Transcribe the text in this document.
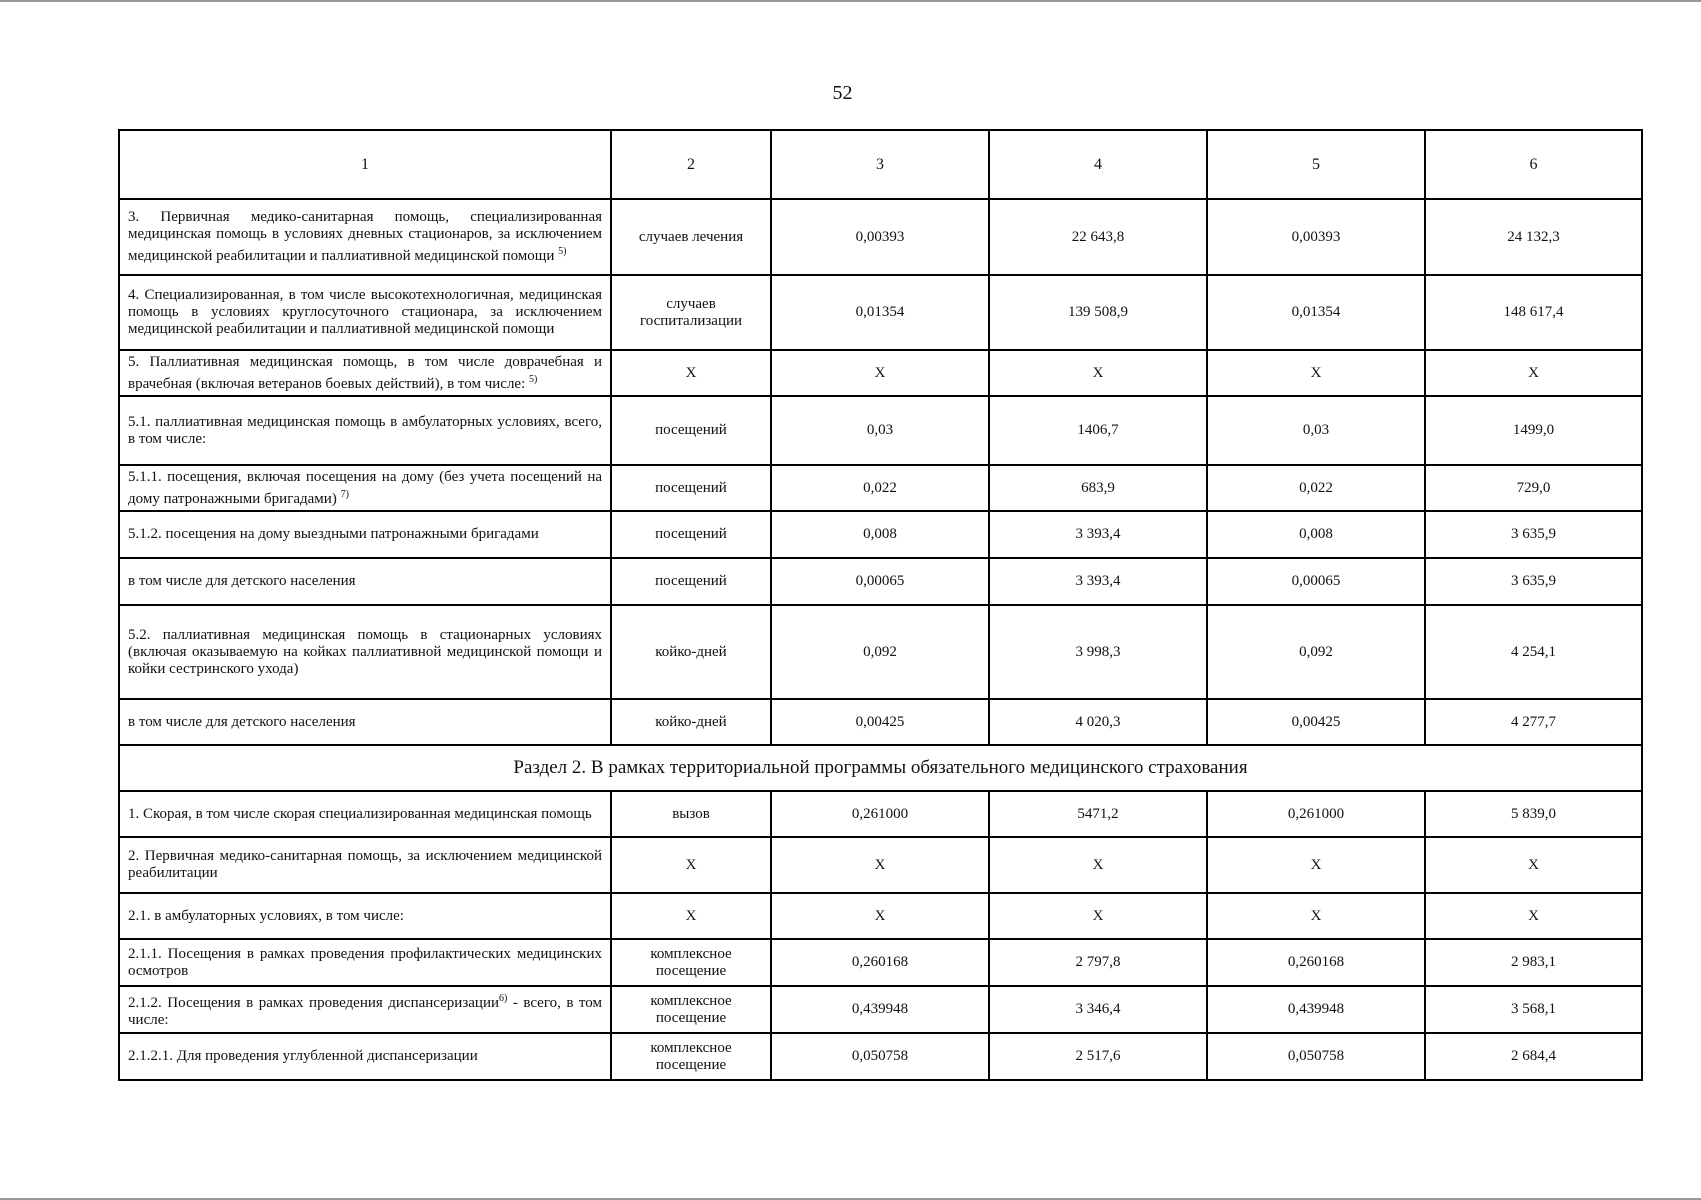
52
1	2	3	4	5	6
3. Первичная медико-санитарная помощь, специализированная медицинская помощь в условиях дневных стационаров, за исключением медицинской реабилитации и паллиативной медицинской помощи $^{5)}$	случаев лечения	0,00393	22 643,8	0,00393	24 132,3
4. Специализированная, в том числе высокотехнологичная, медицинская помощь в условиях круглосуточного стационара, за исключением медицинской реабилитации и паллиативной медицинской помощи	случаев госпитализации	0,01354	139 508,9	0,01354	148 617,4
5. Паллиативная медицинская помощь, в том числе доврачебная и врачебная (включая ветеранов боевых действий), в том числе: $^{5)}$	X	X	X	X	X
5.1. паллиативная медицинская помощь в амбулаторных условиях, всего, в том числе:	посещений	0,03	1406,7	0,03	1499,0
5.1.1. посещения, включая посещения на дому (без учета посещений на дому патронажными бригадами) $^{7)}$	посещений	0,022	683,9	0,022	729,0
5.1.2. посещения на дому выездными патронажными бригадами	посещений	0,008	3 393,4	0,008	3 635,9
в том числе для детского населения	посещений	0,00065	3 393,4	0,00065	3 635,9
5.2. паллиативная медицинская помощь в стационарных условиях (включая оказываемую на койках паллиативной медицинской помощи и койки сестринского ухода)	койко-дней	0,092	3 998,3	0,092	4 254,1
в том числе для детского населения	койко-дней	0,00425	4 020,3	0,00425	4 277,7
Раздел 2. В рамках территориальной программы обязательного медицинского страхования					
1. Скорая, в том числе скорая специализированная медицинская помощь	вызов	0,261000	5471,2	0,261000	5 839,0
2. Первичная медико-санитарная помощь, за исключением медицинской реабилитации	X	X	X	X	X
2.1. в амбулаторных условиях, в том числе:	X	X	X	X	X
2.1.1. Посещения в рамках проведения профилактических медицинских осмотров	комплексное посещение	0,260168	2 797,8	0,260168	2 983,1
2.1.2. Посещения в рамках проведения диспансеризации$^{6)}$ - всего, в том числе:	комплексное посещение	0,439948	3 346,4	0,439948	3 568,1
2.1.2.1. Для проведения углубленной диспансеризации	комплексное посещение	0,050758	2 517,6	0,050758	2 684,4
